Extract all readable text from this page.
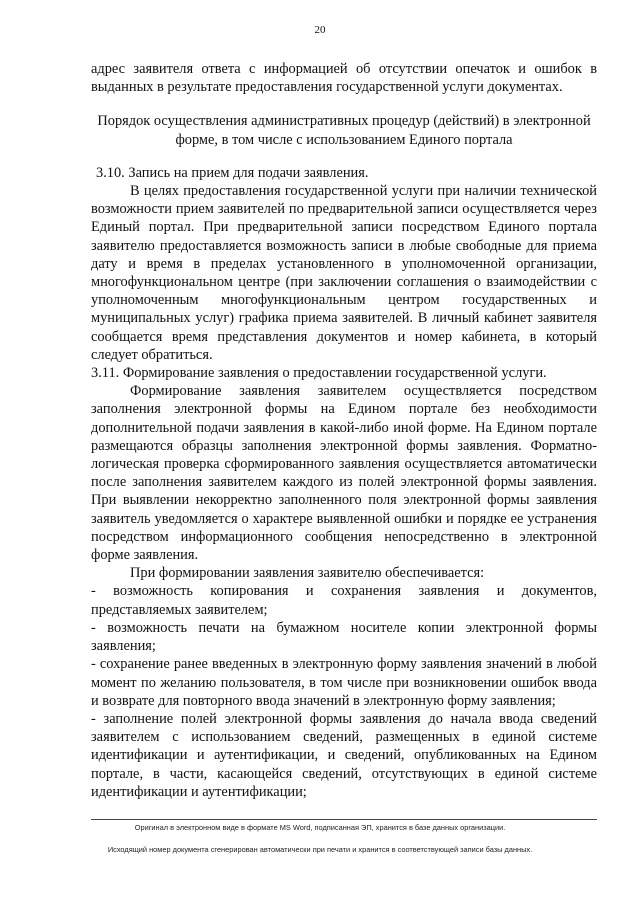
20

адрес заявителя ответа с информацией об отсутствии опечаток и ошибок в выданных в результате предоставления государственной услуги документах.

Порядок осуществления административных процедур (действий) в электронной форме, в том числе с использованием Единого портала

3.10. Запись на прием для подачи заявления.

В целях предоставления государственной услуги при наличии технической возможности прием заявителей по предварительной записи осуществляется через Единый портал. При предварительной записи посредством Единого портала заявителю предоставляется возможность записи в любые свободные для приема дату и время в пределах установленного в уполномоченной организации, многофункциональном центре (при заключении соглашения о взаимодействии с уполномоченным многофункциональным центром государственных и муниципальных услуг) графика приема заявителей. В личный кабинет заявителя сообщается время представления документов и номер кабинета, в который следует обратиться.

3.11. Формирование заявления о предоставлении государственной услуги.

Формирование заявления заявителем осуществляется посредством заполнения электронной формы на Едином портале без необходимости дополнительной подачи заявления в какой-либо иной форме. На Едином портале размещаются образцы заполнения электронной формы заявления. Форматно-логическая проверка сформированного заявления осуществляется автоматически после заполнения заявителем каждого из полей электронной формы заявления. При выявлении некорректно заполненного поля электронной формы заявления заявитель уведомляется о характере выявленной ошибки и порядке ее устранения посредством информационного сообщения непосредственно в электронной форме заявления.

При формировании заявления заявителю обеспечивается:

- возможность копирования и сохранения заявления и документов, представляемых заявителем;

- возможность печати на бумажном носителе копии электронной формы заявления;

- сохранение ранее введенных в электронную форму заявления значений в любой момент по желанию пользователя, в том числе при возникновении ошибок ввода и возврате для повторного ввода значений в электронную форму заявления;

- заполнение полей электронной формы заявления до начала ввода сведений заявителем с использованием сведений, размещенных в единой системе идентификации и аутентификации, и сведений, опубликованных на Едином портале, в части, касающейся сведений, отсутствующих в единой системе идентификации и аутентификации;

Оригинал в электронном виде в формате MS Word, подписанная ЭП, хранится в базе данных организации.
Исходящий номер документа сгенерирован автоматически при печати и хранится в соответствующей записи базы данных.
